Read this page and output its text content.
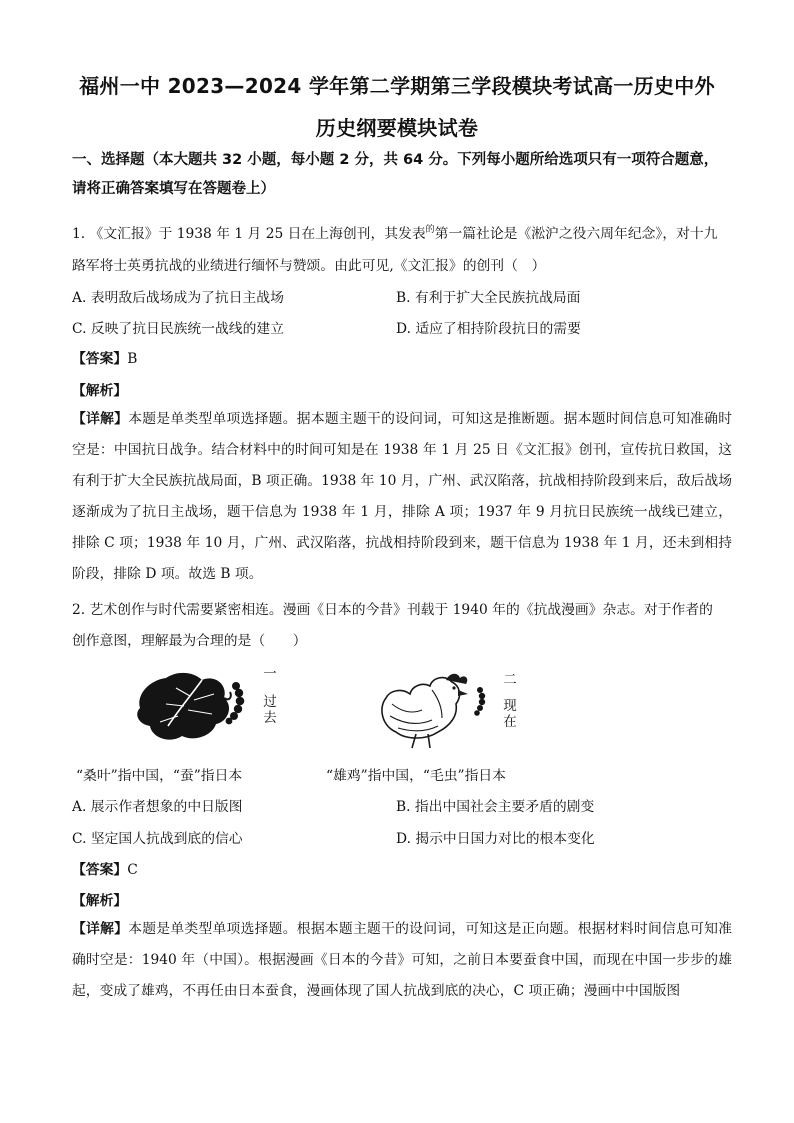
福州一中 2023—2024 学年第二学期第三学段模块考试高一历史中外
历史纲要模块试卷
一、选择题（本大题共 32 小题，每小题 2 分，共 64 分。下列每小题所给选项只有一项符合题意，请将正确答案填写在答题卷上）
1. 《文汇报》于 1938 年 1 月 25 日在上海创刊，其发表$^的$第一篇社论是《淞沪之役六周年纪念》，对十九
路军将士英勇抗战的业绩进行缅怀与赞颂。由此可见,《文汇报》的创刊（　）
A. 表明敌后战场成为了抗日主战场	B. 有利于扩大全民族抗战局面
C. 反映了抗日民族统一战线的建立	D. 适应了相持阶段抗日的需要
【答案】B
【解析】
【详解】本题是单类型单项选择题。据本题主题干的设问词，可知这是推断题。据本题时间信息可知准确时空是：中国抗日战争。结合材料中的时间可知是在 1938 年 1 月 25 日《文汇报》创刊，宣传抗日救国，这有利于扩大全民族抗战局面，B 项正确。1938 年 10 月，广州、武汉陷落，抗战相持阶段到来后，敌后战场逐渐成为了抗日主战场，题干信息为 1938 年 1 月，排除 A 项；1937 年 9 月抗日民族统一战线已建立，排除 C 项；1938 年 10 月，广州、武汉陷落，抗战相持阶段到来，题干信息为 1938 年 1 月，还未到相持阶段，排除 D 项。故选 B 项。
2. 艺术创作与时代需要紧密相连。漫画《日本的今昔》刊载于 1940 年的《抗战漫画》杂志。对于作者的
创作意图，理解最为合理的是（　　）
一
过去
二
现在
“桑叶”指中国，“蚕”指日本	“雄鸡”指中国，“毛虫”指日本
A. 展示作者想象的中日版图	B. 指出中国社会主要矛盾的剧变
C. 坚定国人抗战到底的信心	D. 揭示中日国力对比的根本变化
【答案】C
【解析】
【详解】本题是单类型单项选择题。根据本题主题干的设问词，可知这是正向题。根据材料时间信息可知准确时空是：1940 年（中国）。根据漫画《日本的今昔》可知，之前日本要蚕食中国，而现在中国一步步的雄起，变成了雄鸡，不再任由日本蚕食，漫画体现了国人抗战到底的决心，C 项正确；漫画中中国版图
